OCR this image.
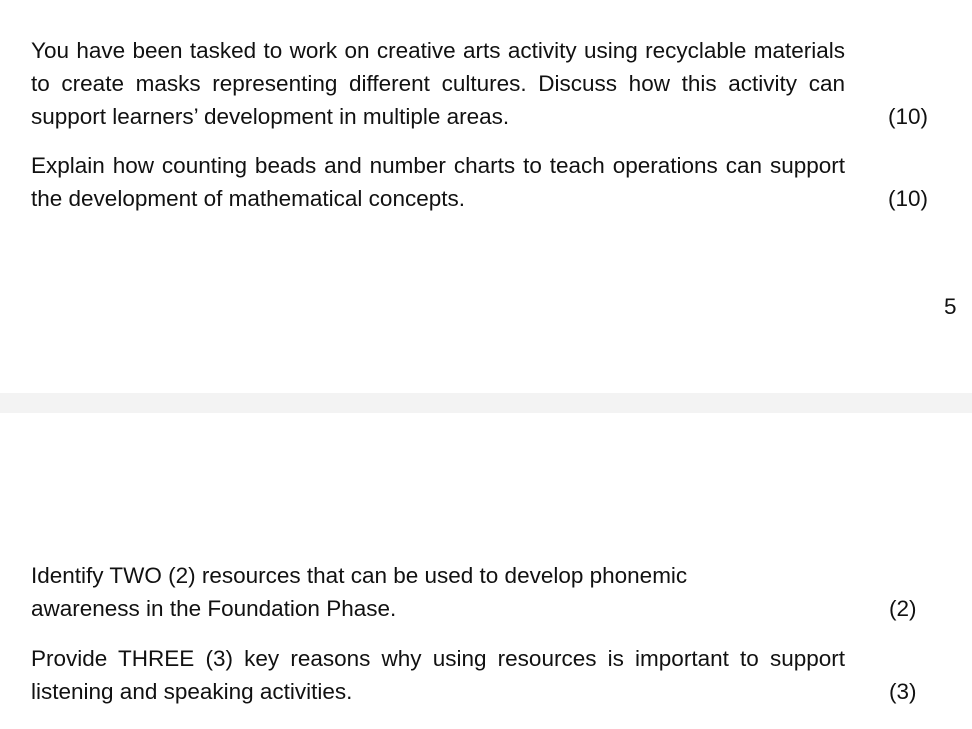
You have been tasked to work on creative arts activity using recyclable materials to create masks representing different cultures. Discuss how this activity can support learners’ development in multiple areas.	(10)
Explain how counting beads and number charts to teach operations can support the development of mathematical concepts.	(10)
5
Identify TWO (2) resources that can be used to develop phonemic
awareness in the Foundation Phase.	(2)
Provide THREE (3) key reasons why using resources is important to support listening and speaking activities.	(3)
